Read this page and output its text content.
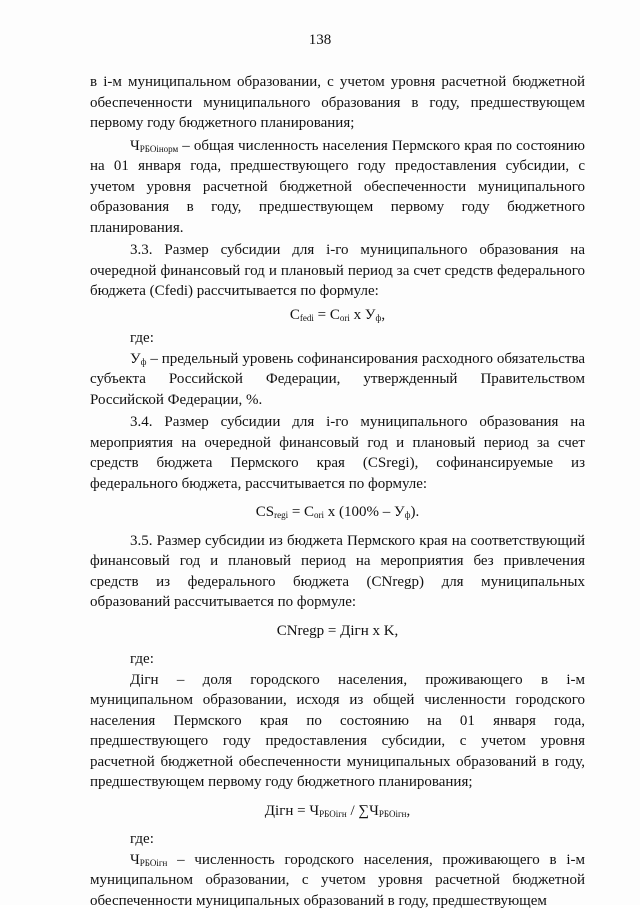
138

в i-м муниципальном образовании, с учетом уровня расчетной бюджетной обеспеченности муниципального образования в году, предшествующем первому году бюджетного планирования;

$Ч_{РБОiнорм}$ – общая численность населения Пермского края по состоянию на 01 января года, предшествующего году предоставления субсидии, с учетом уровня расчетной бюджетной обеспеченности муниципального образования в году, предшествующем первому году бюджетного планирования.

3.3. Размер субсидии для i-го муниципального образования на очередной финансовый год и плановый период за счет средств федерального бюджета (Cfedi) рассчитывается по формуле:

$C_{fedi} = C_{ori}$ x $У_ф$,

где:

$У_ф$ – предельный уровень софинансирования расходного обязательства субъекта Российской Федерации, утвержденный Правительством Российской Федерации, %.

3.4. Размер субсидии для i-го муниципального образования на мероприятия на очередной финансовый год и плановый период за счет средств бюджета Пермского края (CSregi), софинансируемые из федерального бюджета, рассчитывается по формуле:

$CS_{regi} = C_{ori}$ x $(100\% - У_ф)$.

3.5. Размер субсидии из бюджета Пермского края на соответствующий финансовый год и плановый период на мероприятия без привлечения средств из федерального бюджета (CNregp) для муниципальных образований рассчитывается по формуле:

CNregp = Дiгн x K,

где:

Дiгн – доля городского населения, проживающего в i-м муниципальном образовании, исходя из общей численности городского населения Пермского края по состоянию на 01 января года, предшествующего году предоставления субсидии, с учетом уровня расчетной бюджетной обеспеченности муниципальных образований в году, предшествующем первому году бюджетного планирования;

Дiгн = $Ч_{РБОiгн} / \sum Ч_{РБОiгн}$,

где:

$Ч_{РБОiгн}$ – численность городского населения, проживающего в i-м муниципальном образовании, с учетом уровня расчетной бюджетной обеспеченности муниципальных образований в году, предшествующем
